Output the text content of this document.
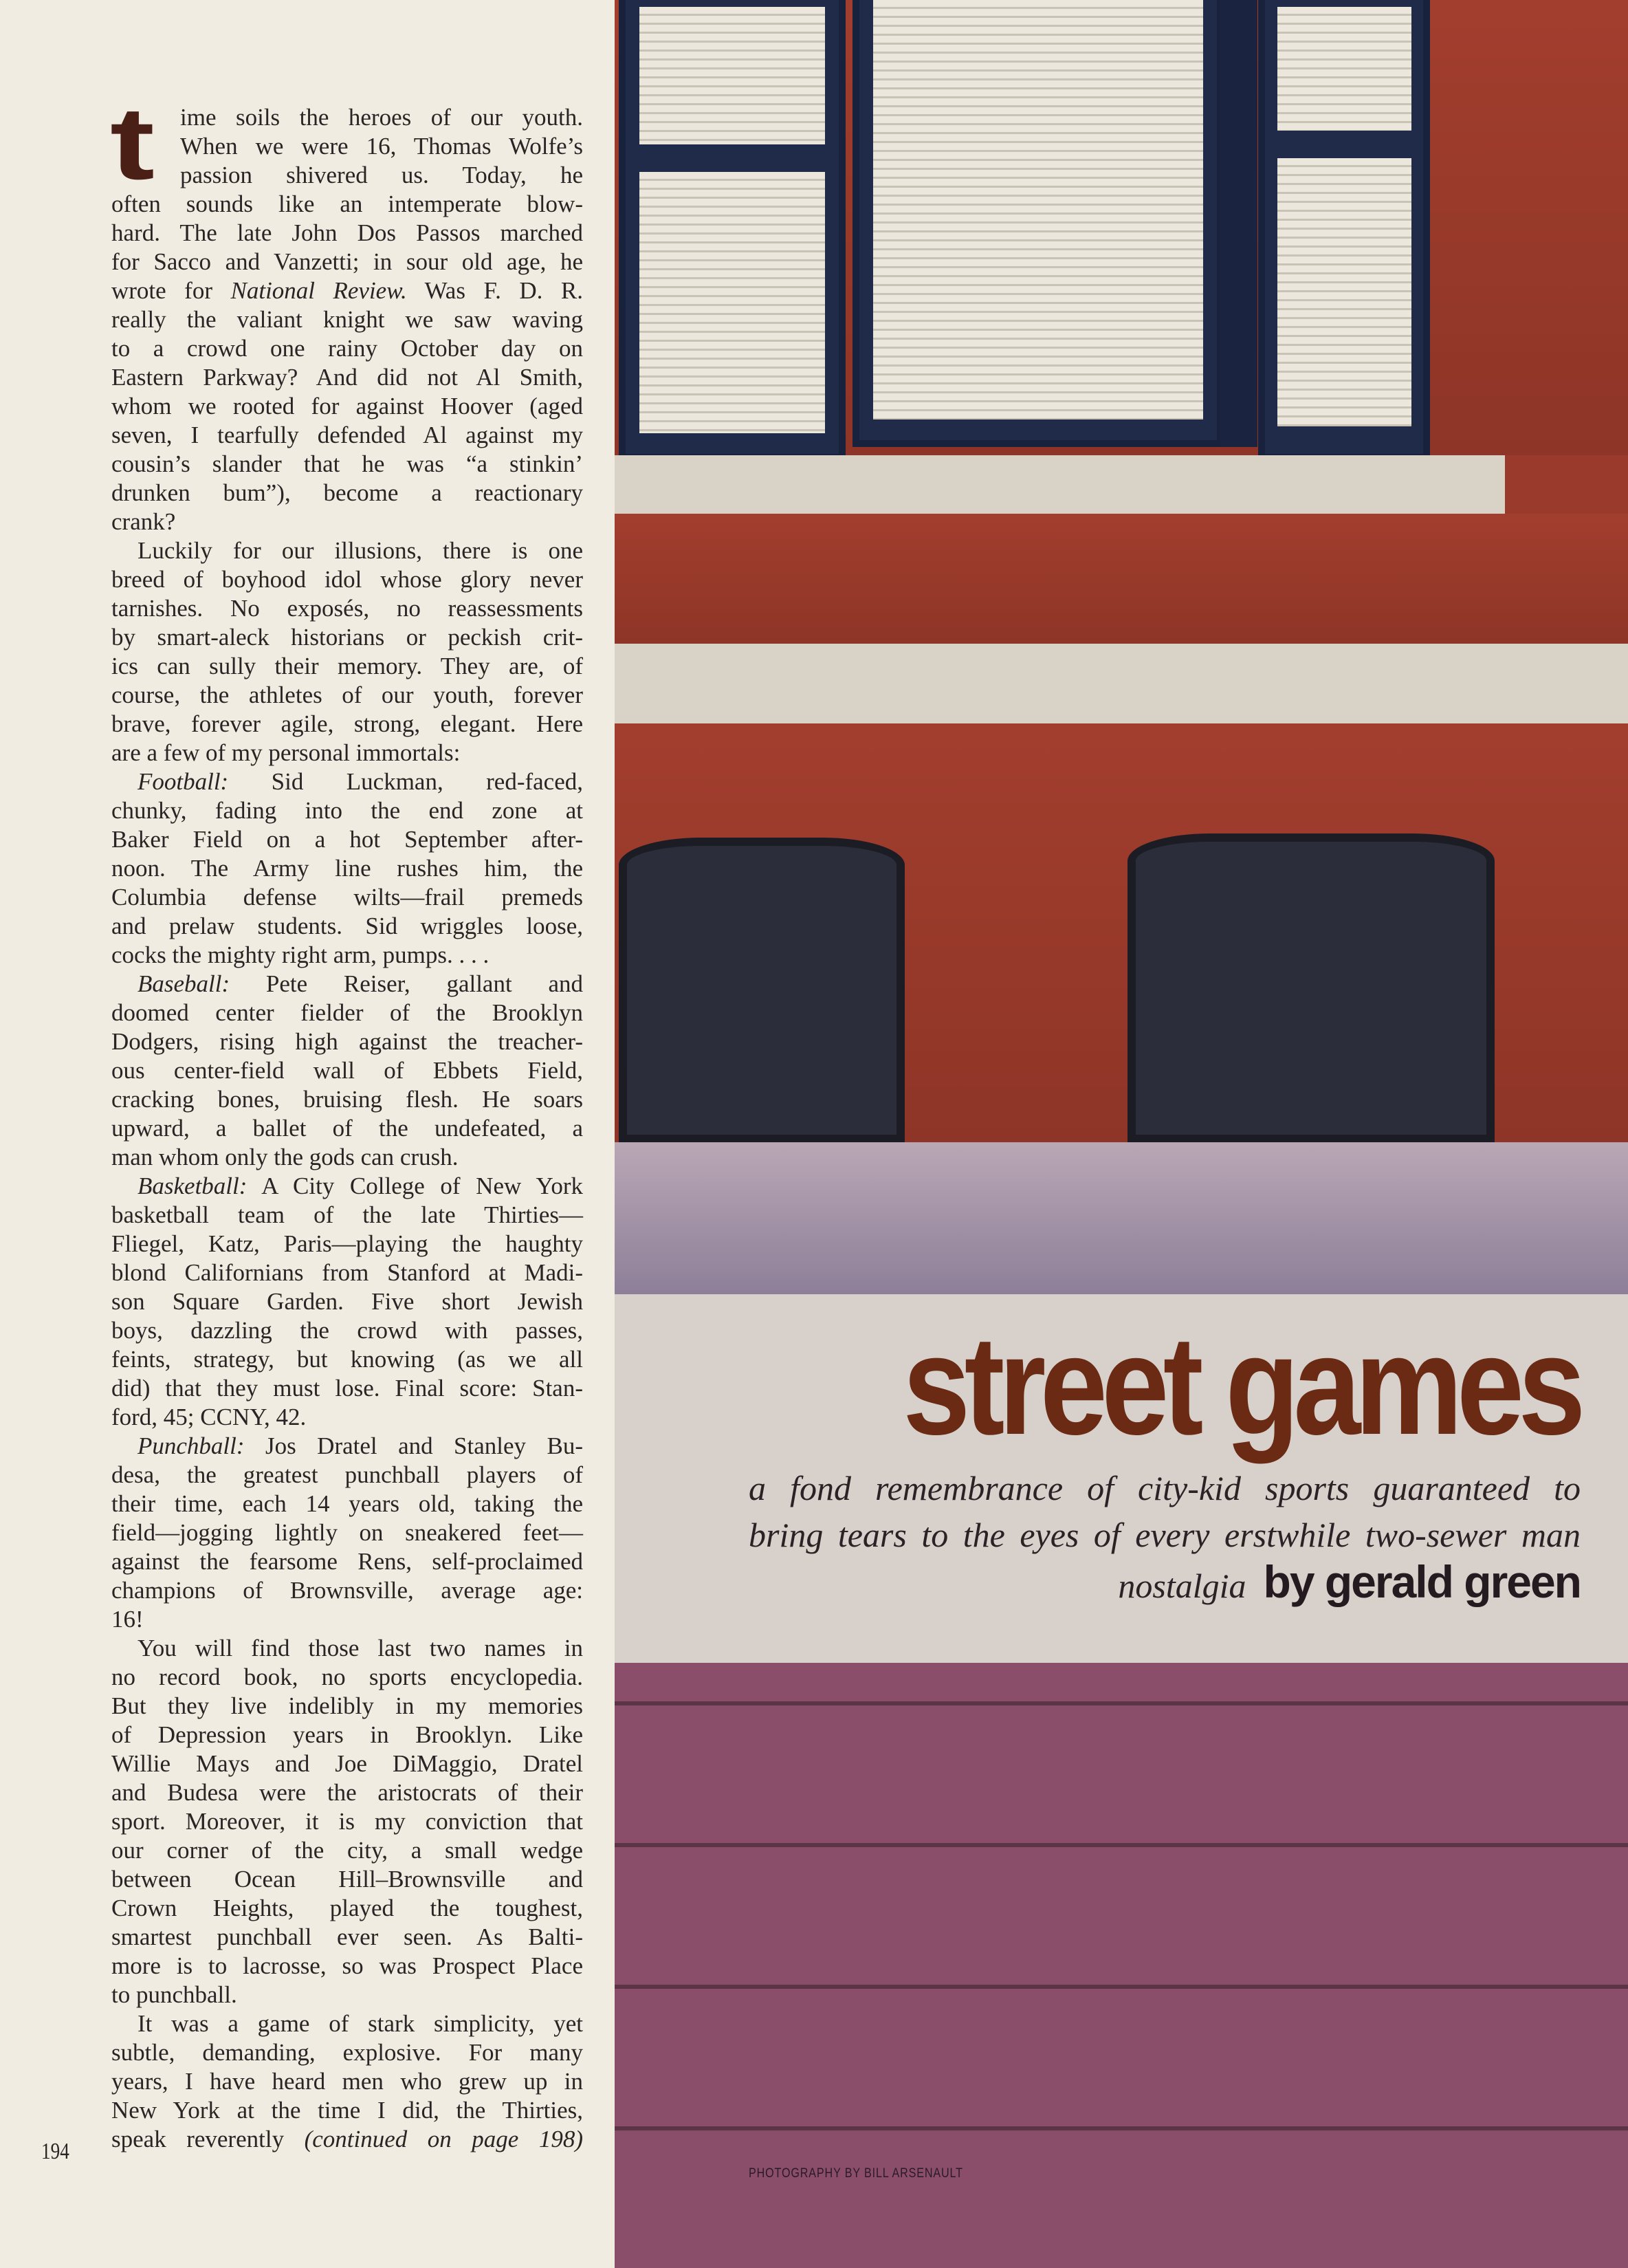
t	ime soils the heroes of our youth.
When we were 16, Thomas Wolfe’s
passion shivered us. Today, he
often sounds like an intemperate blow-
hard. The late John Dos Passos marched
for Sacco and Vanzetti; in sour old age, he
wrote for National Review. Was F. D. R.
really the valiant knight we saw waving
to a crowd one rainy October day on
Eastern Parkway? And did not Al Smith,
whom we rooted for against Hoover (aged
seven, I tearfully defended Al against my
cousin’s slander that he was “a stinkin’
drunken bum”), become a reactionary
crank?
Luckily for our illusions, there is one
breed of boyhood idol whose glory never
tarnishes. No exposés, no reassessments
by smart-aleck historians or peckish crit-
ics can sully their memory. They are, of
course, the athletes of our youth, forever
brave, forever agile, strong, elegant. Here
are a few of my personal immortals:
Football: Sid Luckman, red-faced,
chunky, fading into the end zone at
Baker Field on a hot September after-
noon. The Army line rushes him, the
Columbia defense wilts—frail premeds
and prelaw students. Sid wriggles loose,
cocks the mighty right arm, pumps. . . .
Baseball: Pete Reiser, gallant and
doomed center fielder of the Brooklyn
Dodgers, rising high against the treacher-
ous center-field wall of Ebbets Field,
cracking bones, bruising flesh. He soars
upward, a ballet of the undefeated, a
man whom only the gods can crush.
Basketball: A City College of New York
basketball team of the late Thirties—
Fliegel, Katz, Paris—playing the haughty
blond Californians from Stanford at Madi-
son Square Garden. Five short Jewish
boys, dazzling the crowd with passes,
feints, strategy, but knowing (as we all
did) that they must lose. Final score: Stan-
ford, 45; CCNY, 42.
Punchball: Jos Dratel and Stanley Bu-
desa, the greatest punchball players of
their time, each 14 years old, taking the
field—jogging lightly on sneakered feet—
against the fearsome Rens, self-proclaimed
champions of Brownsville, average age:
16!
You will find those last two names in
no record book, no sports encyclopedia.
But they live indelibly in my memories
of Depression years in Brooklyn. Like
Willie Mays and Joe DiMaggio, Dratel
and Budesa were the aristocrats of their
sport. Moreover, it is my conviction that
our corner of the city, a small wedge
between Ocean Hill–Brownsville and
Crown Heights, played the toughest,
smartest punchball ever seen. As Balti-
more is to lacrosse, so was Prospect Place
to punchball.
It was a game of stark simplicity, yet
subtle, demanding, explosive. For many
years, I have heard men who grew up in
New York at the time I did, the Thirties,
speak reverently (continued on page 198)
194
street games
a fond remembrance of city-kid sports guaranteed to
bring tears to the eyes of every erstwhile two-sewer man
nostalgia by gerald green
PHOTOGRAPHY BY BILL ARSENAULT
